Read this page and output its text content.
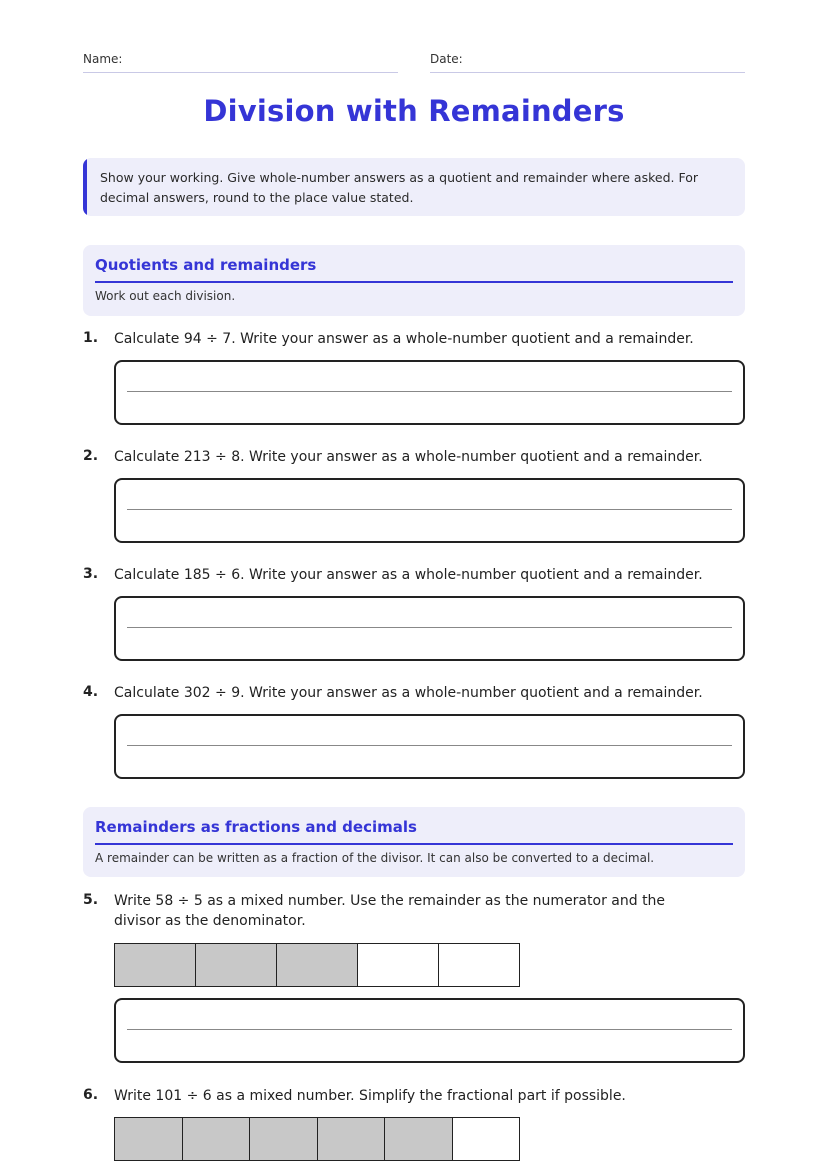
Name:	Date:
Division with Remainders
Show your working. Give whole-number answers as a quotient and remainder where asked. For decimal answers, round to the place value stated.
Quotients and remainders
Work out each division.
1. Calculate 94 ÷ 7. Write your answer as a whole-number quotient and a remainder.
2. Calculate 213 ÷ 8. Write your answer as a whole-number quotient and a remainder.
3. Calculate 185 ÷ 6. Write your answer as a whole-number quotient and a remainder.
4. Calculate 302 ÷ 9. Write your answer as a whole-number quotient and a remainder.
Remainders as fractions and decimals
A remainder can be written as a fraction of the divisor. It can also be converted to a decimal.
5. Write 58 ÷ 5 as a mixed number. Use the remainder as the numerator and the divisor as the denominator.
6. Write 101 ÷ 6 as a mixed number. Simplify the fractional part if possible.
